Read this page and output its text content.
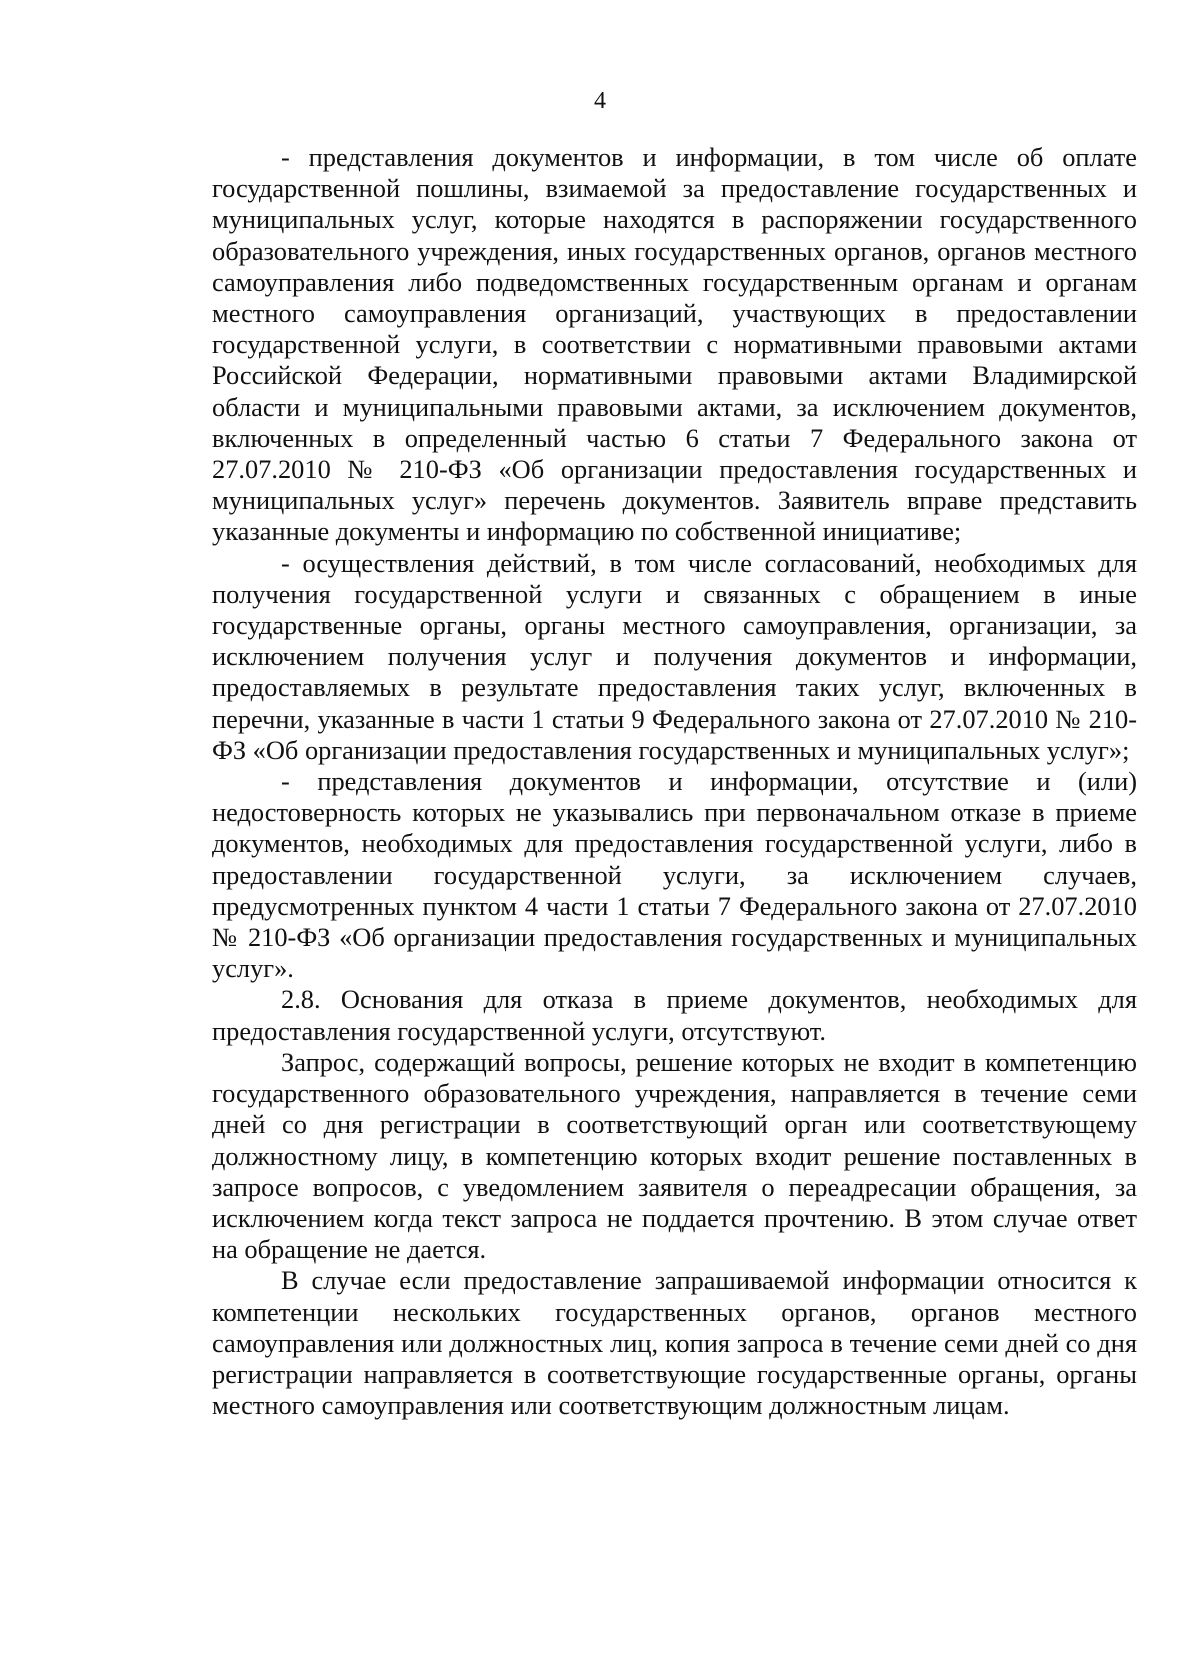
4

- представления документов и информации, в том числе об оплате государственной пошлины, взимаемой за предоставление государственных и муниципальных услуг, которые находятся в распоряжении государственного образовательного учреждения, иных государственных органов, органов местного самоуправления либо подведомственных государственным органам и органам местного самоуправления организаций, участвующих в предоставлении государственной услуги, в соответствии с нормативными правовыми актами Российской Федерации, нормативными правовыми актами Владимирской области и муниципальными правовыми актами, за исключением документов, включенных в определенный частью 6 статьи 7 Федерального закона от 27.07.2010 № 210-ФЗ «Об организации предоставления государственных и муниципальных услуг» перечень документов. Заявитель вправе представить указанные документы и информацию по собственной инициативе;

- осуществления действий, в том числе согласований, необходимых для получения государственной услуги и связанных с обращением в иные государственные органы, органы местного самоуправления, организации, за исключением получения услуг и получения документов и информации, предоставляемых в результате предоставления таких услуг, включенных в перечни, указанные в части 1 статьи 9 Федерального закона от 27.07.2010 № 210-ФЗ «Об организации предоставления государственных и муниципальных услуг»;

- представления документов и информации, отсутствие и (или) недостоверность которых не указывались при первоначальном отказе в приеме документов, необходимых для предоставления государственной услуги, либо в предоставлении государственной услуги, за исключением случаев, предусмотренных пунктом 4 части 1 статьи 7 Федерального закона от 27.07.2010 № 210-ФЗ «Об организации предоставления государственных и муниципальных услуг».

2.8. Основания для отказа в приеме документов, необходимых для предоставления государственной услуги, отсутствуют.

Запрос, содержащий вопросы, решение которых не входит в компетенцию государственного образовательного учреждения, направляется в течение семи дней со дня регистрации в соответствующий орган или соответствующему должностному лицу, в компетенцию которых входит решение поставленных в запросе вопросов, с уведомлением заявителя о переадресации обращения, за исключением когда текст запроса не поддается прочтению. В этом случае ответ на обращение не дается.

В случае если предоставление запрашиваемой информации относится к компетенции нескольких государственных органов, органов местного самоуправления или должностных лиц, копия запроса в течение семи дней со дня регистрации направляется в соответствующие государственные органы, органы местного самоуправления или соответствующим должностным лицам.
